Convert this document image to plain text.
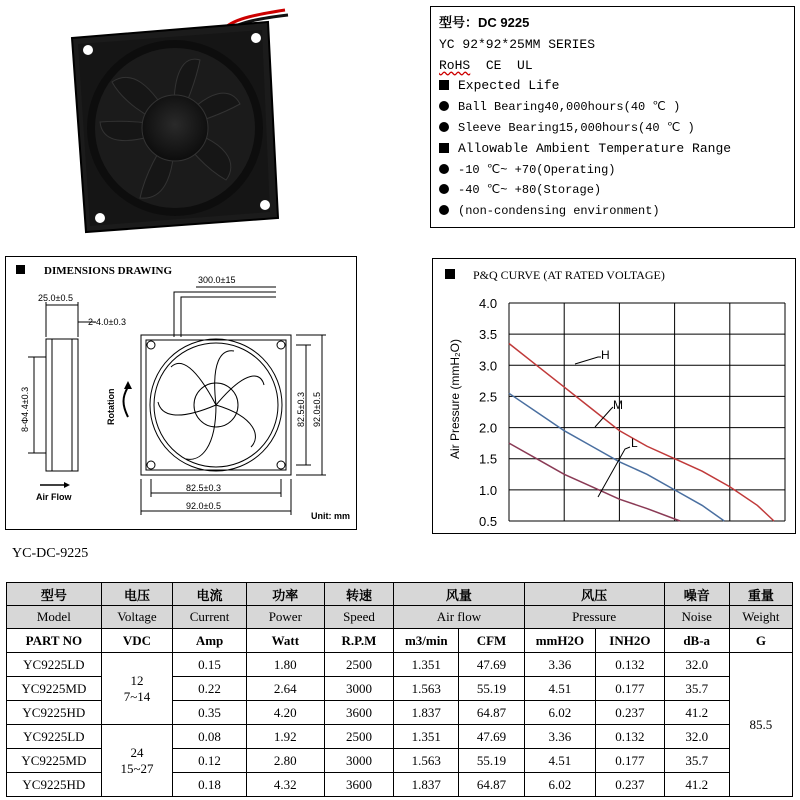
型号：DC 9225
YC 92*92*25MM SERIES
RoHS CE UL
Expected Life
Ball Bearing40,000hours(40 ℃ )
Sleeve Bearing15,000hours(40 ℃ )
Allowable Ambient Temperature Range
-10 ℃~ +70(Operating)
-40 ℃~ +80(Storage)
(non-condensing environment)
DIMENSIONS DRAWING
25.0±0.5
2-4.0±0.3
8-Φ4.4±0.3
Air Flow
300.0±15
82.5±0.3
92.0±0.5
82.5±0.3 92.0±0.5
Rotation
Unit: mm
P&Q CURVE (AT RATED VOLTAGE)
Air Pressure (mmH₂O)
4.0
3.5
3.0
2.5
2.0
1.5
1.0
0.5
H
M
L
YC-DC-9225
型号	电压	电流	功率	转速	风量		风压		噪音	重量
Model	Voltage	Current	Power	Speed	Air flow		Pressure		Noise	Weight
PART NO	VDC	Amp	Watt	R.P.M	m3/min	CFM	mmH2O	INH2O	dB-a	G
YC9225LD	12
7~14	0.15	1.80	2500	1.351	47.69	3.36	0.132	32.0	85.5
YC9225MD		0.22	2.64	3000	1.563	55.19	4.51	0.177	35.7	
YC9225HD		0.35	4.20	3600	1.837	64.87	6.02	0.237	41.2	
YC9225LD	24
15~27	0.08	1.92	2500	1.351	47.69	3.36	0.132	32.0	
YC9225MD		0.12	2.80	3000	1.563	55.19	4.51	0.177	35.7	
YC9225HD		0.18	4.32	3600	1.837	64.87	6.02	0.237	41.2	
